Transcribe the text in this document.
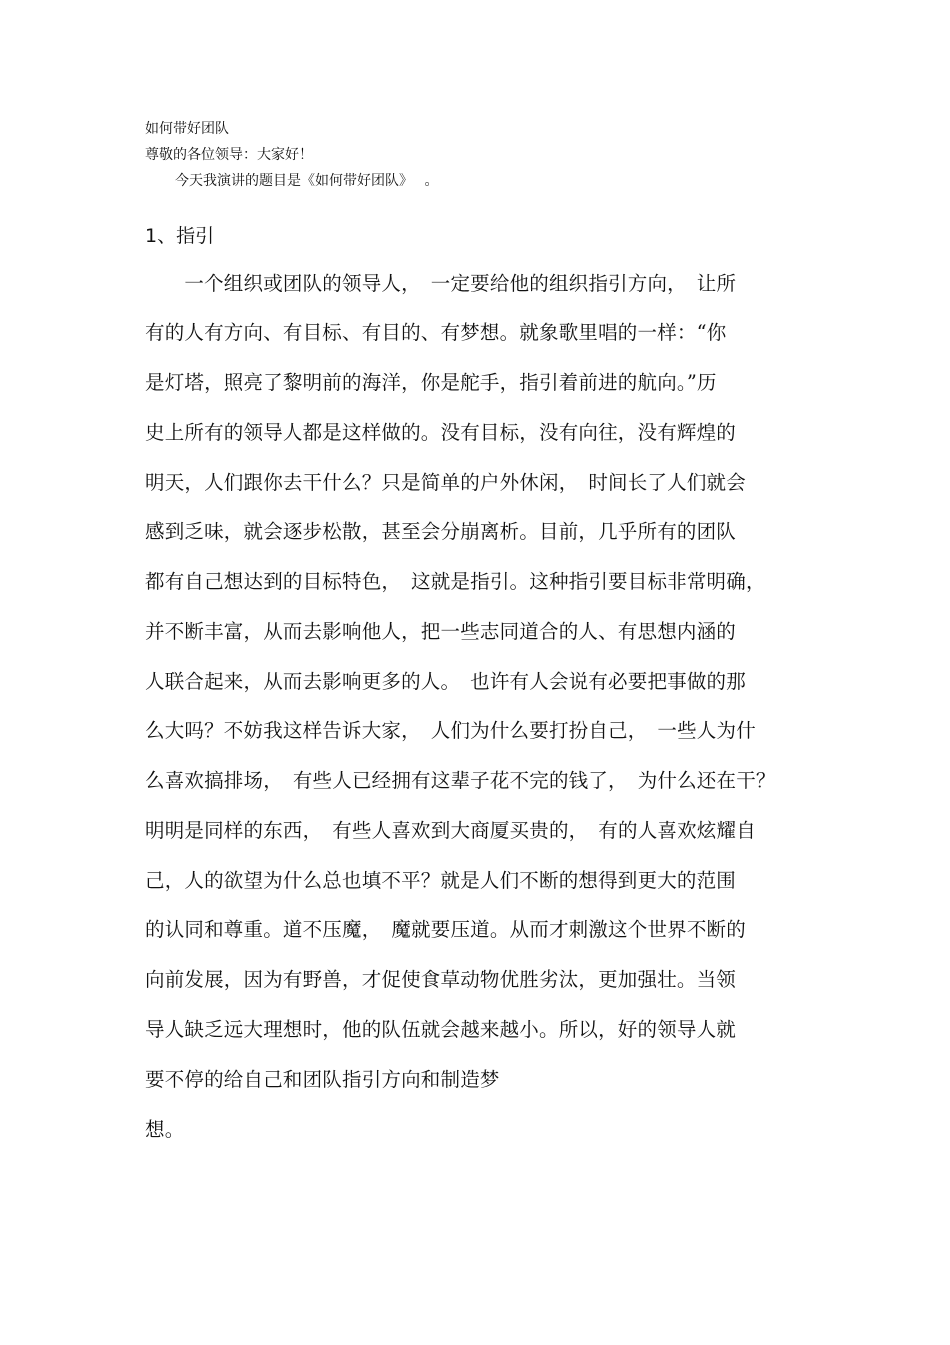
如何带好团队
尊敬的各位领导：大家好！
今天我演讲的题目是《如何带好团队》　 。
1、指引
　　一个组织或团队的领导人，　一定要给他的组织指引方向，　让所
有的人有方向、有目标、有目的、有梦想。就象歌里唱的一样：“你
是灯塔，照亮了黎明前的海洋，你是舵手，指引着前进的航向。”历
史上所有的领导人都是这样做的。没有目标，没有向往，没有辉煌的
明天，人们跟你去干什么？只是简单的户外休闲，　时间长了人们就会
感到乏味，就会逐步松散，甚至会分崩离析。目前，几乎所有的团队
都有自己想达到的目标特色，　这就是指引。这种指引要目标非常明确，
并不断丰富，从而去影响他人，把一些志同道合的人、有思想内涵的
人联合起来，从而去影响更多的人。　也许有人会说有必要把事做的那
么大吗？不妨我这样告诉大家，　人们为什么要打扮自己，　一些人为什
么喜欢搞排场，　有些人已经拥有这辈子花不完的钱了，　为什么还在干？
明明是同样的东西，　有些人喜欢到大商厦买贵的，　有的人喜欢炫耀自
己，人的欲望为什么总也填不平？就是人们不断的想得到更大的范围
的认同和尊重。道不压魔，　魔就要压道。从而才刺激这个世界不断的
向前发展，因为有野兽，才促使食草动物优胜劣汰，更加强壮。当领
导人缺乏远大理想时，他的队伍就会越来越小。所以，好的领导人就
要不停的给自己和团队指引方向和制造梦
想。
